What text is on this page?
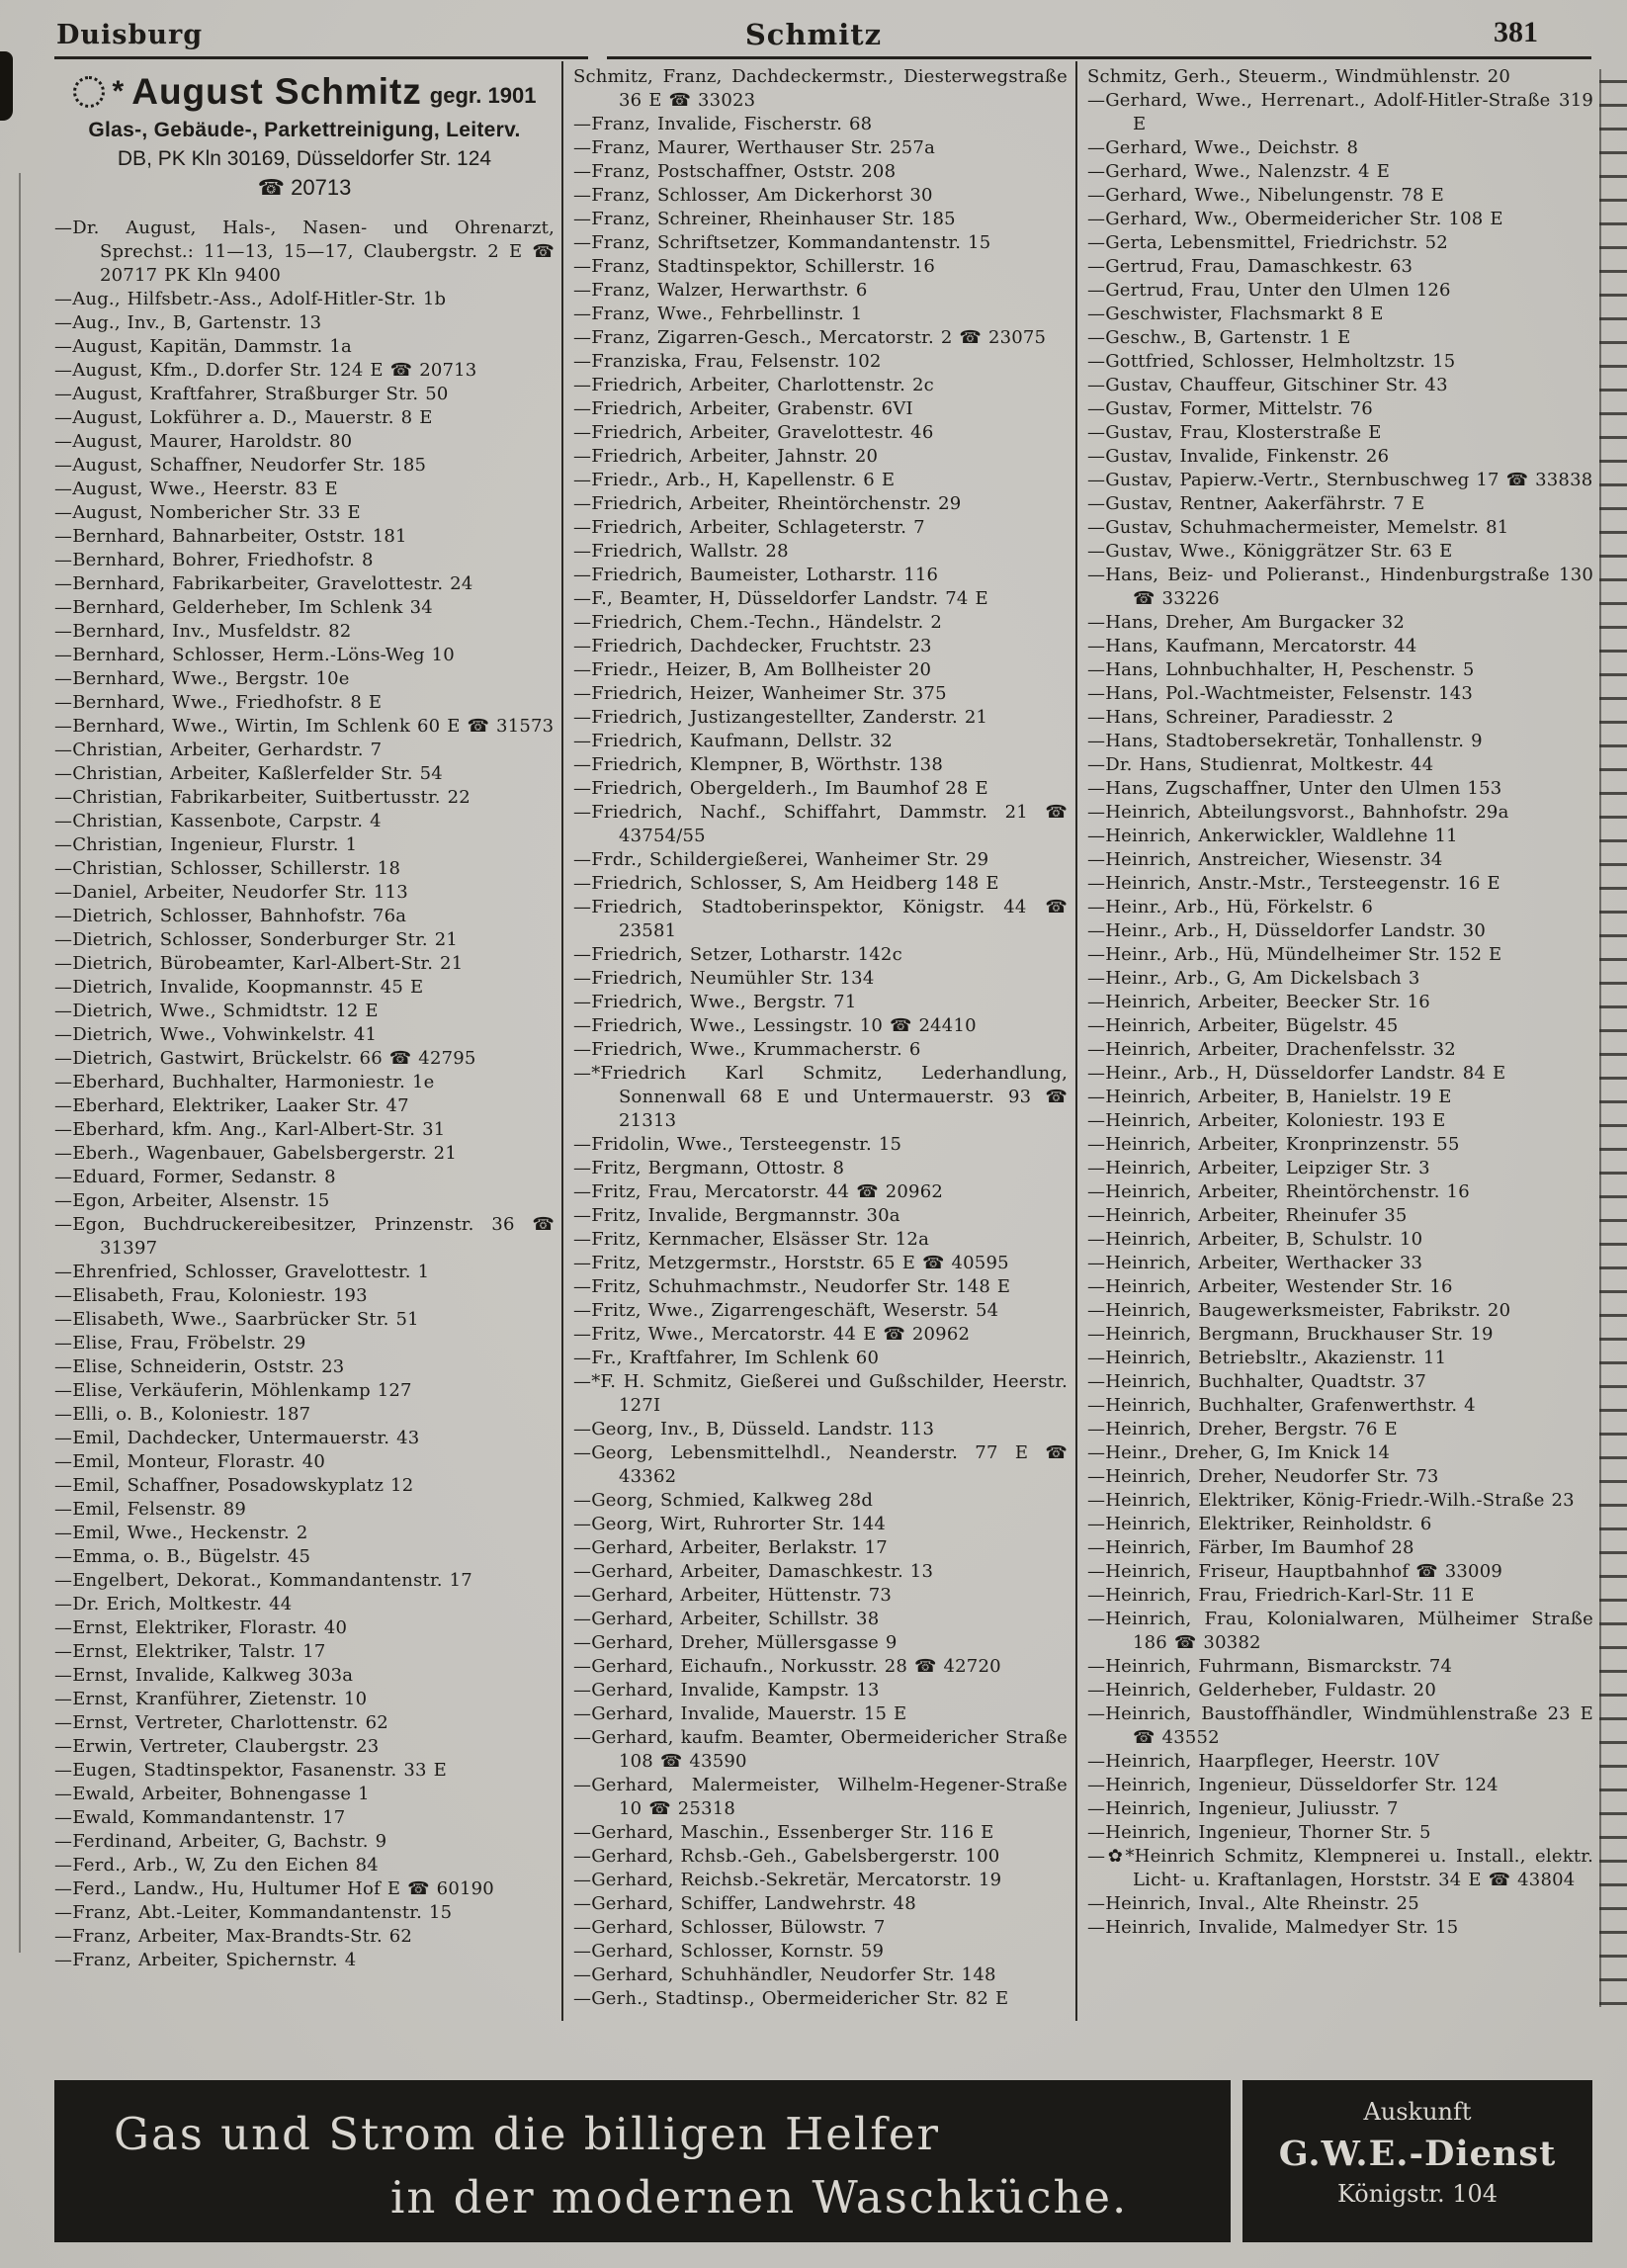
Duisburg	Schmitz	381
* August Schmitz gegr. 1901
Glas-, Gebäude-, Parkettreinigung, Leiterv.
DB, PK Kln 30169, Düsseldorfer Str. 124
☎ 20713
—Dr. August, Hals-, Nasen- und Ohrenarzt, Sprechst.: 11—13, 15—17, Claubergstr. 2 E ☎ 20717 PK Kln 9400
—Aug., Hilfsbetr.-Ass., Adolf-Hitler-Str. 1b
—Aug., Inv., B, Gartenstr. 13
—August, Kapitän, Dammstr. 1a
—August, Kfm., D.dorfer Str. 124 E ☎ 20713
—August, Kraftfahrer, Straßburger Str. 50
—August, Lokführer a. D., Mauerstr. 8 E
—August, Maurer, Haroldstr. 80
—August, Schaffner, Neudorfer Str. 185
—August, Wwe., Heerstr. 83 E
—August, Nombericher Str. 33 E
—Bernhard, Bahnarbeiter, Oststr. 181
—Bernhard, Bohrer, Friedhofstr. 8
—Bernhard, Fabrikarbeiter, Gravelottestr. 24
—Bernhard, Gelderheber, Im Schlenk 34
—Bernhard, Inv., Musfeldstr. 82
—Bernhard, Schlosser, Herm.-Löns-Weg 10
—Bernhard, Wwe., Bergstr. 10e
—Bernhard, Wwe., Friedhofstr. 8 E
—Bernhard, Wwe., Wirtin, Im Schlenk 60 E ☎ 31573
—Christian, Arbeiter, Gerhardstr. 7
—Christian, Arbeiter, Kaßlerfelder Str. 54
—Christian, Fabrikarbeiter, Suitbertusstr. 22
—Christian, Kassenbote, Carpstr. 4
—Christian, Ingenieur, Flurstr. 1
—Christian, Schlosser, Schillerstr. 18
—Daniel, Arbeiter, Neudorfer Str. 113
—Dietrich, Schlosser, Bahnhofstr. 76a
—Dietrich, Schlosser, Sonderburger Str. 21
—Dietrich, Bürobeamter, Karl-Albert-Str. 21
—Dietrich, Invalide, Koopmannstr. 45 E
—Dietrich, Wwe., Schmidtstr. 12 E
—Dietrich, Wwe., Vohwinkelstr. 41
—Dietrich, Gastwirt, Brückelstr. 66 ☎ 42795
—Eberhard, Buchhalter, Harmoniestr. 1e
—Eberhard, Elektriker, Laaker Str. 47
—Eberhard, kfm. Ang., Karl-Albert-Str. 31
—Eberh., Wagenbauer, Gabelsbergerstr. 21
—Eduard, Former, Sedanstr. 8
—Egon, Arbeiter, Alsenstr. 15
—Egon, Buchdruckereibesitzer, Prinzenstr. 36 ☎ 31397
—Ehrenfried, Schlosser, Gravelottestr. 1
—Elisabeth, Frau, Koloniestr. 193
—Elisabeth, Wwe., Saarbrücker Str. 51
—Elise, Frau, Fröbelstr. 29
—Elise, Schneiderin, Oststr. 23
—Elise, Verkäuferin, Möhlenkamp 127
—Elli, o. B., Koloniestr. 187
—Emil, Dachdecker, Untermauerstr. 43
—Emil, Monteur, Florastr. 40
—Emil, Schaffner, Posadowskyplatz 12
—Emil, Felsenstr. 89
—Emil, Wwe., Heckenstr. 2
—Emma, o. B., Bügelstr. 45
—Engelbert, Dekorat., Kommandantenstr. 17
—Dr. Erich, Moltkestr. 44
—Ernst, Elektriker, Florastr. 40
—Ernst, Elektriker, Talstr. 17
—Ernst, Invalide, Kalkweg 303a
—Ernst, Kranführer, Zietenstr. 10
—Ernst, Vertreter, Charlottenstr. 62
—Erwin, Vertreter, Claubergstr. 23
—Eugen, Stadtinspektor, Fasanenstr. 33 E
—Ewald, Arbeiter, Bohnengasse 1
—Ewald, Kommandantenstr. 17
—Ferdinand, Arbeiter, G, Bachstr. 9
—Ferd., Arb., W, Zu den Eichen 84
—Ferd., Landw., Hu, Hultumer Hof E ☎ 60190
—Franz, Abt.-Leiter, Kommandantenstr. 15
—Franz, Arbeiter, Max-Brandts-Str. 62
—Franz, Arbeiter, Spichernstr. 4
Schmitz, Franz, Dachdeckermstr., Diesterwegstraße 36 E ☎ 33023
—Franz, Invalide, Fischerstr. 68
—Franz, Maurer, Werthauser Str. 257a
—Franz, Postschaffner, Oststr. 208
—Franz, Schlosser, Am Dickerhorst 30
—Franz, Schreiner, Rheinhauser Str. 185
—Franz, Schriftsetzer, Kommandantenstr. 15
—Franz, Stadtinspektor, Schillerstr. 16
—Franz, Walzer, Herwarthstr. 6
—Franz, Wwe., Fehrbellinstr. 1
—Franz, Zigarren-Gesch., Mercatorstr. 2 ☎ 23075
—Franziska, Frau, Felsenstr. 102
—Friedrich, Arbeiter, Charlottenstr. 2c
—Friedrich, Arbeiter, Grabenstr. 6VI
—Friedrich, Arbeiter, Gravelottestr. 46
—Friedrich, Arbeiter, Jahnstr. 20
—Friedr., Arb., H, Kapellenstr. 6 E
—Friedrich, Arbeiter, Rheintörchenstr. 29
—Friedrich, Arbeiter, Schlageterstr. 7
—Friedrich, Wallstr. 28
—Friedrich, Baumeister, Lotharstr. 116
—F., Beamter, H, Düsseldorfer Landstr. 74 E
—Friedrich, Chem.-Techn., Händelstr. 2
—Friedrich, Dachdecker, Fruchtstr. 23
—Friedr., Heizer, B, Am Bollheister 20
—Friedrich, Heizer, Wanheimer Str. 375
—Friedrich, Justizangestellter, Zanderstr. 21
—Friedrich, Kaufmann, Dellstr. 32
—Friedrich, Klempner, B, Wörthstr. 138
—Friedrich, Obergelderh., Im Baumhof 28 E
—Friedrich, Nachf., Schiffahrt, Dammstr. 21 ☎ 43754/55
—Frdr., Schildergießerei, Wanheimer Str. 29
—Friedrich, Schlosser, S, Am Heidberg 148 E
—Friedrich, Stadtoberinspektor, Königstr. 44 ☎ 23581
—Friedrich, Setzer, Lotharstr. 142c
—Friedrich, Neumühler Str. 134
—Friedrich, Wwe., Bergstr. 71
—Friedrich, Wwe., Lessingstr. 10 ☎ 24410
—Friedrich, Wwe., Krummacherstr. 6
—*Friedrich Karl Schmitz, Lederhandlung, Sonnenwall 68 E und Untermauerstr. 93 ☎ 21313
—Fridolin, Wwe., Tersteegenstr. 15
—Fritz, Bergmann, Ottostr. 8
—Fritz, Frau, Mercatorstr. 44 ☎ 20962
—Fritz, Invalide, Bergmannstr. 30a
—Fritz, Kernmacher, Elsässer Str. 12a
—Fritz, Metzgermstr., Horststr. 65 E ☎ 40595
—Fritz, Schuhmachmstr., Neudorfer Str. 148 E
—Fritz, Wwe., Zigarrengeschäft, Weserstr. 54
—Fritz, Wwe., Mercatorstr. 44 E ☎ 20962
—Fr., Kraftfahrer, Im Schlenk 60
—*F. H. Schmitz, Gießerei und Gußschilder, Heerstr. 127I
—Georg, Inv., B, Düsseld. Landstr. 113
—Georg, Lebensmittelhdl., Neanderstr. 77 E ☎ 43362
—Georg, Schmied, Kalkweg 28d
—Georg, Wirt, Ruhrorter Str. 144
—Gerhard, Arbeiter, Berlakstr. 17
—Gerhard, Arbeiter, Damaschkestr. 13
—Gerhard, Arbeiter, Hüttenstr. 73
—Gerhard, Arbeiter, Schillstr. 38
—Gerhard, Dreher, Müllersgasse 9
—Gerhard, Eichaufn., Norkusstr. 28 ☎ 42720
—Gerhard, Invalide, Kampstr. 13
—Gerhard, Invalide, Mauerstr. 15 E
—Gerhard, kaufm. Beamter, Obermeidericher Straße 108 ☎ 43590
—Gerhard, Malermeister, Wilhelm-Hegener-Straße 10 ☎ 25318
—Gerhard, Maschin., Essenberger Str. 116 E
—Gerhard, Rchsb.-Geh., Gabelsbergerstr. 100
—Gerhard, Reichsb.-Sekretär, Mercatorstr. 19
—Gerhard, Schiffer, Landwehrstr. 48
—Gerhard, Schlosser, Bülowstr. 7
—Gerhard, Schlosser, Kornstr. 59
—Gerhard, Schuhhändler, Neudorfer Str. 148
—Gerh., Stadtinsp., Obermeidericher Str. 82 E
Schmitz, Gerh., Steuerm., Windmühlenstr. 20
—Gerhard, Wwe., Herrenart., Adolf-Hitler-Straße 319 E
—Gerhard, Wwe., Deichstr. 8
—Gerhard, Wwe., Nalenzstr. 4 E
—Gerhard, Wwe., Nibelungenstr. 78 E
—Gerhard, Ww., Obermeidericher Str. 108 E
—Gerta, Lebensmittel, Friedrichstr. 52
—Gertrud, Frau, Damaschkestr. 63
—Gertrud, Frau, Unter den Ulmen 126
—Geschwister, Flachsmarkt 8 E
—Geschw., B, Gartenstr. 1 E
—Gottfried, Schlosser, Helmholtzstr. 15
—Gustav, Chauffeur, Gitschiner Str. 43
—Gustav, Former, Mittelstr. 76
—Gustav, Frau, Klosterstraße E
—Gustav, Invalide, Finkenstr. 26
—Gustav, Papierw.-Vertr., Sternbuschweg 17 ☎ 33838
—Gustav, Rentner, Aakerfährstr. 7 E
—Gustav, Schuhmachermeister, Memelstr. 81
—Gustav, Wwe., Königgrätzer Str. 63 E
—Hans, Beiz- und Polieranst., Hindenburgstraße 130 ☎ 33226
—Hans, Dreher, Am Burgacker 32
—Hans, Kaufmann, Mercatorstr. 44
—Hans, Lohnbuchhalter, H, Peschenstr. 5
—Hans, Pol.-Wachtmeister, Felsenstr. 143
—Hans, Schreiner, Paradiesstr. 2
—Hans, Stadtobersekretär, Tonhallenstr. 9
—Dr. Hans, Studienrat, Moltkestr. 44
—Hans, Zugschaffner, Unter den Ulmen 153
—Heinrich, Abteilungsvorst., Bahnhofstr. 29a
—Heinrich, Ankerwickler, Waldlehne 11
—Heinrich, Anstreicher, Wiesenstr. 34
—Heinrich, Anstr.-Mstr., Tersteegenstr. 16 E
—Heinr., Arb., Hü, Förkelstr. 6
—Heinr., Arb., H, Düsseldorfer Landstr. 30
—Heinr., Arb., Hü, Mündelheimer Str. 152 E
—Heinr., Arb., G, Am Dickelsbach 3
—Heinrich, Arbeiter, Beecker Str. 16
—Heinrich, Arbeiter, Bügelstr. 45
—Heinrich, Arbeiter, Drachenfelsstr. 32
—Heinr., Arb., H, Düsseldorfer Landstr. 84 E
—Heinrich, Arbeiter, B, Hanielstr. 19 E
—Heinrich, Arbeiter, Koloniestr. 193 E
—Heinrich, Arbeiter, Kronprinzenstr. 55
—Heinrich, Arbeiter, Leipziger Str. 3
—Heinrich, Arbeiter, Rheintörchenstr. 16
—Heinrich, Arbeiter, Rheinufer 35
—Heinrich, Arbeiter, B, Schulstr. 10
—Heinrich, Arbeiter, Werthacker 33
—Heinrich, Arbeiter, Westender Str. 16
—Heinrich, Baugewerksmeister, Fabrikstr. 20
—Heinrich, Bergmann, Bruckhauser Str. 19
—Heinrich, Betriebsltr., Akazienstr. 11
—Heinrich, Buchhalter, Quadtstr. 37
—Heinrich, Buchhalter, Grafenwerthstr. 4
—Heinrich, Dreher, Bergstr. 76 E
—Heinr., Dreher, G, Im Knick 14
—Heinrich, Dreher, Neudorfer Str. 73
—Heinrich, Elektriker, König-Friedr.-Wilh.-Straße 23
—Heinrich, Elektriker, Reinholdstr. 6
—Heinrich, Färber, Im Baumhof 28
—Heinrich, Friseur, Hauptbahnhof ☎ 33009
—Heinrich, Frau, Friedrich-Karl-Str. 11 E
—Heinrich, Frau, Kolonialwaren, Mülheimer Straße 186 ☎ 30382
—Heinrich, Fuhrmann, Bismarckstr. 74
—Heinrich, Gelderheber, Fuldastr. 20
—Heinrich, Baustoffhändler, Windmühlenstraße 23 E ☎ 43552
—Heinrich, Haarpfleger, Heerstr. 10V
—Heinrich, Ingenieur, Düsseldorfer Str. 124
—Heinrich, Ingenieur, Juliusstr. 7
—Heinrich, Ingenieur, Thorner Str. 5
—✿*Heinrich Schmitz, Klempnerei u. Install., elektr. Licht- u. Kraftanlagen, Horststr. 34 E ☎ 43804
—Heinrich, Inval., Alte Rheinstr. 25
—Heinrich, Invalide, Malmedyer Str. 15
Gas und Strom die billigen Helfer
in der modernen Waschküche.
Auskunft
G.W.E.-Dienst
Königstr. 104
